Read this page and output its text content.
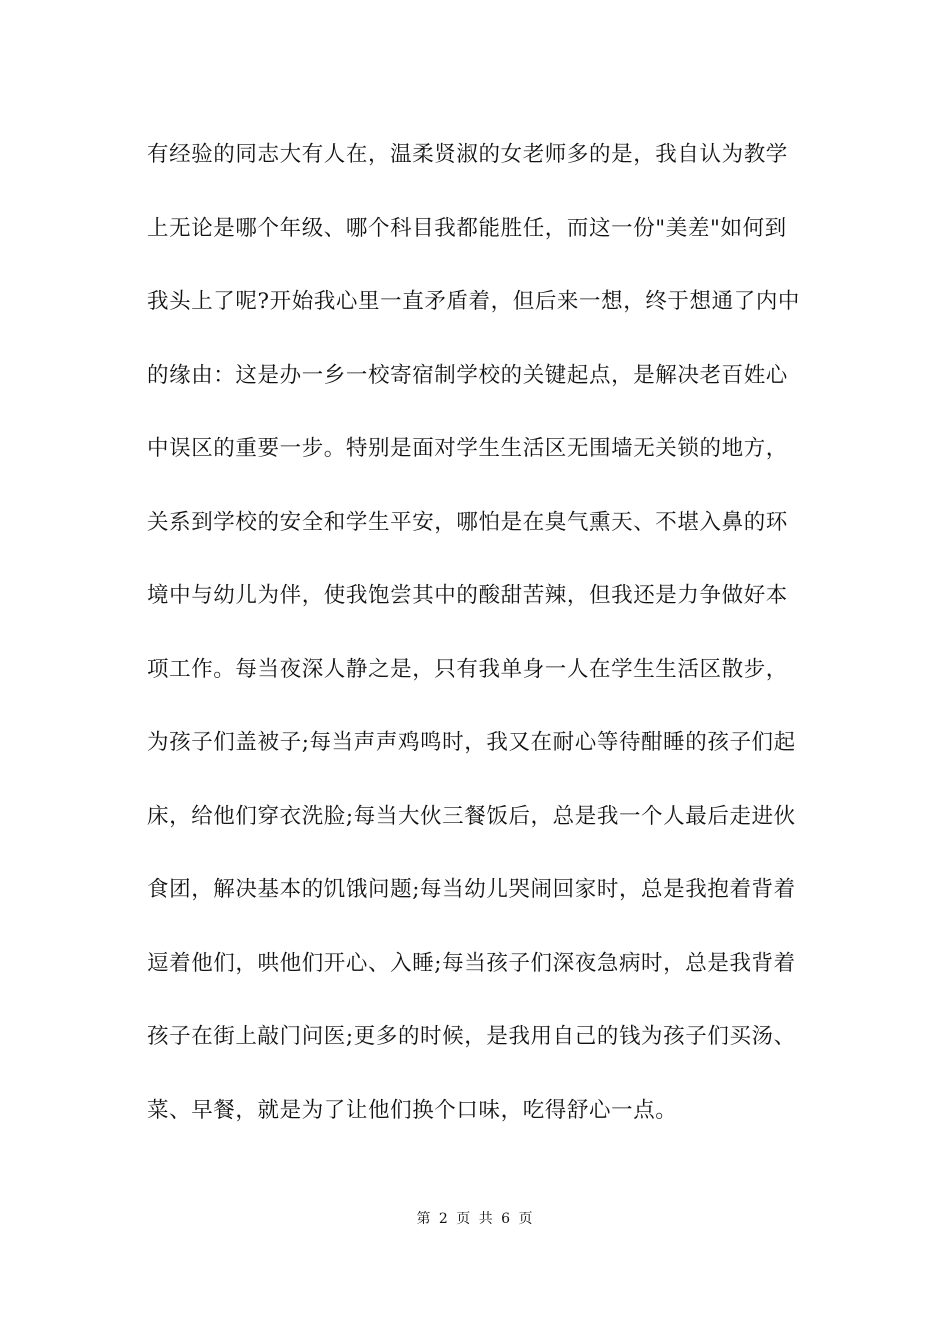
有经验的同志大有人在，温柔贤淑的女老师多的是，我自认为教学
上无论是哪个年级、哪个科目我都能胜任，而这一份"美差"如何到
我头上了呢?开始我心里一直矛盾着，但后来一想，终于想通了内中
的缘由：这是办一乡一校寄宿制学校的关键起点，是解决老百姓心
中误区的重要一步。特别是面对学生生活区无围墙无关锁的地方，
关系到学校的安全和学生平安，哪怕是在臭气熏天、不堪入鼻的环
境中与幼儿为伴，使我饱尝其中的酸甜苦辣，但我还是力争做好本
项工作。每当夜深人静之是，只有我单身一人在学生生活区散步，
为孩子们盖被子;每当声声鸡鸣时，我又在耐心等待酣睡的孩子们起
床，给他们穿衣洗脸;每当大伙三餐饭后，总是我一个人最后走进伙
食团，解决基本的饥饿问题;每当幼儿哭闹回家时，总是我抱着背着
逗着他们，哄他们开心、入睡;每当孩子们深夜急病时，总是我背着
孩子在街上敲门问医;更多的时候，是我用自己的钱为孩子们买汤、
菜、早餐，就是为了让他们换个口味，吃得舒心一点。
第 2 页 共 6 页
